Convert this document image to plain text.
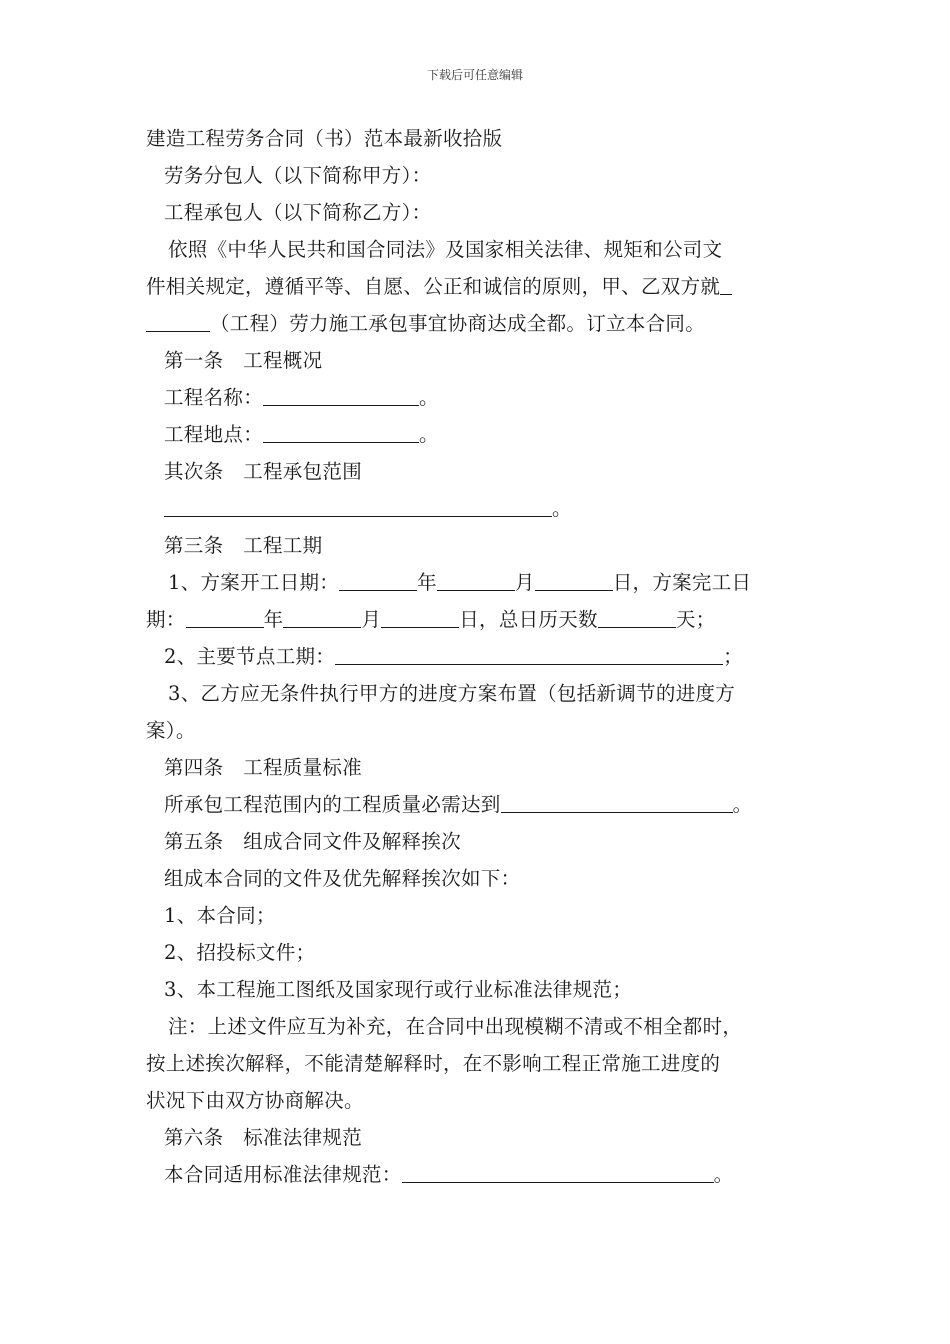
下载后可任意编辑
建造工程劳务合同（书）范本最新收拾版
劳务分包人（以下简称甲方）：
工程承包人（以下简称乙方）：
依照《中华人民共和国合同法》及国家相关法律、规矩和公司文
件相关规定，遵循平等、自愿、公正和诚信的原则，甲、乙双方就
（工程）劳力施工承包事宜协商达成全都。订立本合同。
第一条　工程概况
工程名称：	。
工程地点：	。
其次条　工程承包范围
。
第三条　工程工期
1、方案开工日期：	年	月	日，方案完工日
期：	年	月	日，总日历天数	天；
2、主要节点工期：	；
3、乙方应无条件执行甲方的进度方案布置（包括新调节的进度方
案）。
第四条　工程质量标准
所承包工程范围内的工程质量必需达到	。
第五条　组成合同文件及解释挨次
组成本合同的文件及优先解释挨次如下：
1、本合同；
2、招投标文件；
3、本工程施工图纸及国家现行或行业标准法律规范；
注：上述文件应互为补充，在合同中出现模糊不清或不相全都时，
按上述挨次解释，不能清楚解释时，在不影响工程正常施工进度的
状况下由双方协商解决。
第六条　标准法律规范
本合同适用标准法律规范：	。
